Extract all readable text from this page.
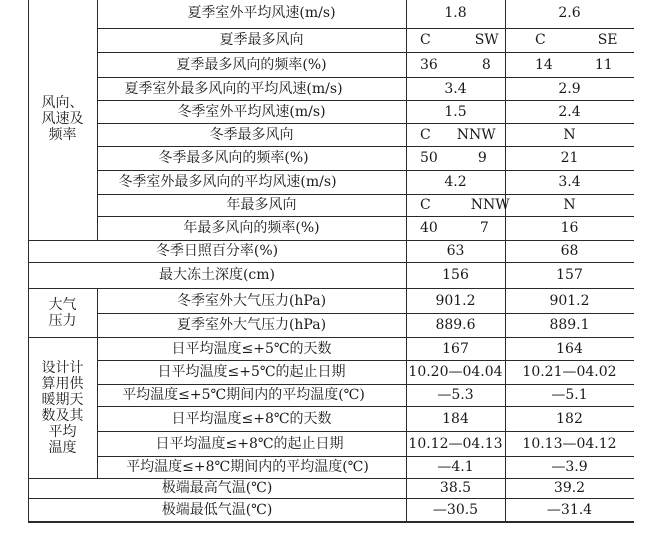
风向、
风速及
频率
大气
压力
设计计
算用供
暖期天
数及其
平均
温度
夏季室外平均风速(m/s)	1.8	2.6
夏季最多风向	C	SW	C	SE
夏季最多风向的频率(%)	36	8	14	11
夏季室外最多风向的平均风速(m/s)	3.4	2.9
冬季室外平均风速(m/s)	1.5	2.4
冬季最多风向	C NNW	N
冬季最多风向的频率(%)	50	9	21
冬季室外最多风向的平均风速(m/s)	4.2	3.4
年最多风向	C	NNW	N
年最多风向的频率(%)	40	7	16
冬季日照百分率(%)	63	68
最大冻土深度(cm)	156	157
冬季室外大气压力(hPa)	901.2	901.2
夏季室外大气压力(hPa)	889.6	889.1
日平均温度≤+5℃的天数	167	164
日平均温度≤+5℃的起止日期	10.20—04.04	10.21—04.02
平均温度≤+5℃期间内的平均温度(℃)	—5.3	—5.1
日平均温度≤+8℃的天数	184	182
日平均温度≤+8℃的起止日期	10.12—04.13	10.13—04.12
平均温度≤+8℃期间内的平均温度(℃)	—4.1	—3.9
极端最高气温(℃)	38.5	39.2
极端最低气温(℃)	—30.5	—31.4
